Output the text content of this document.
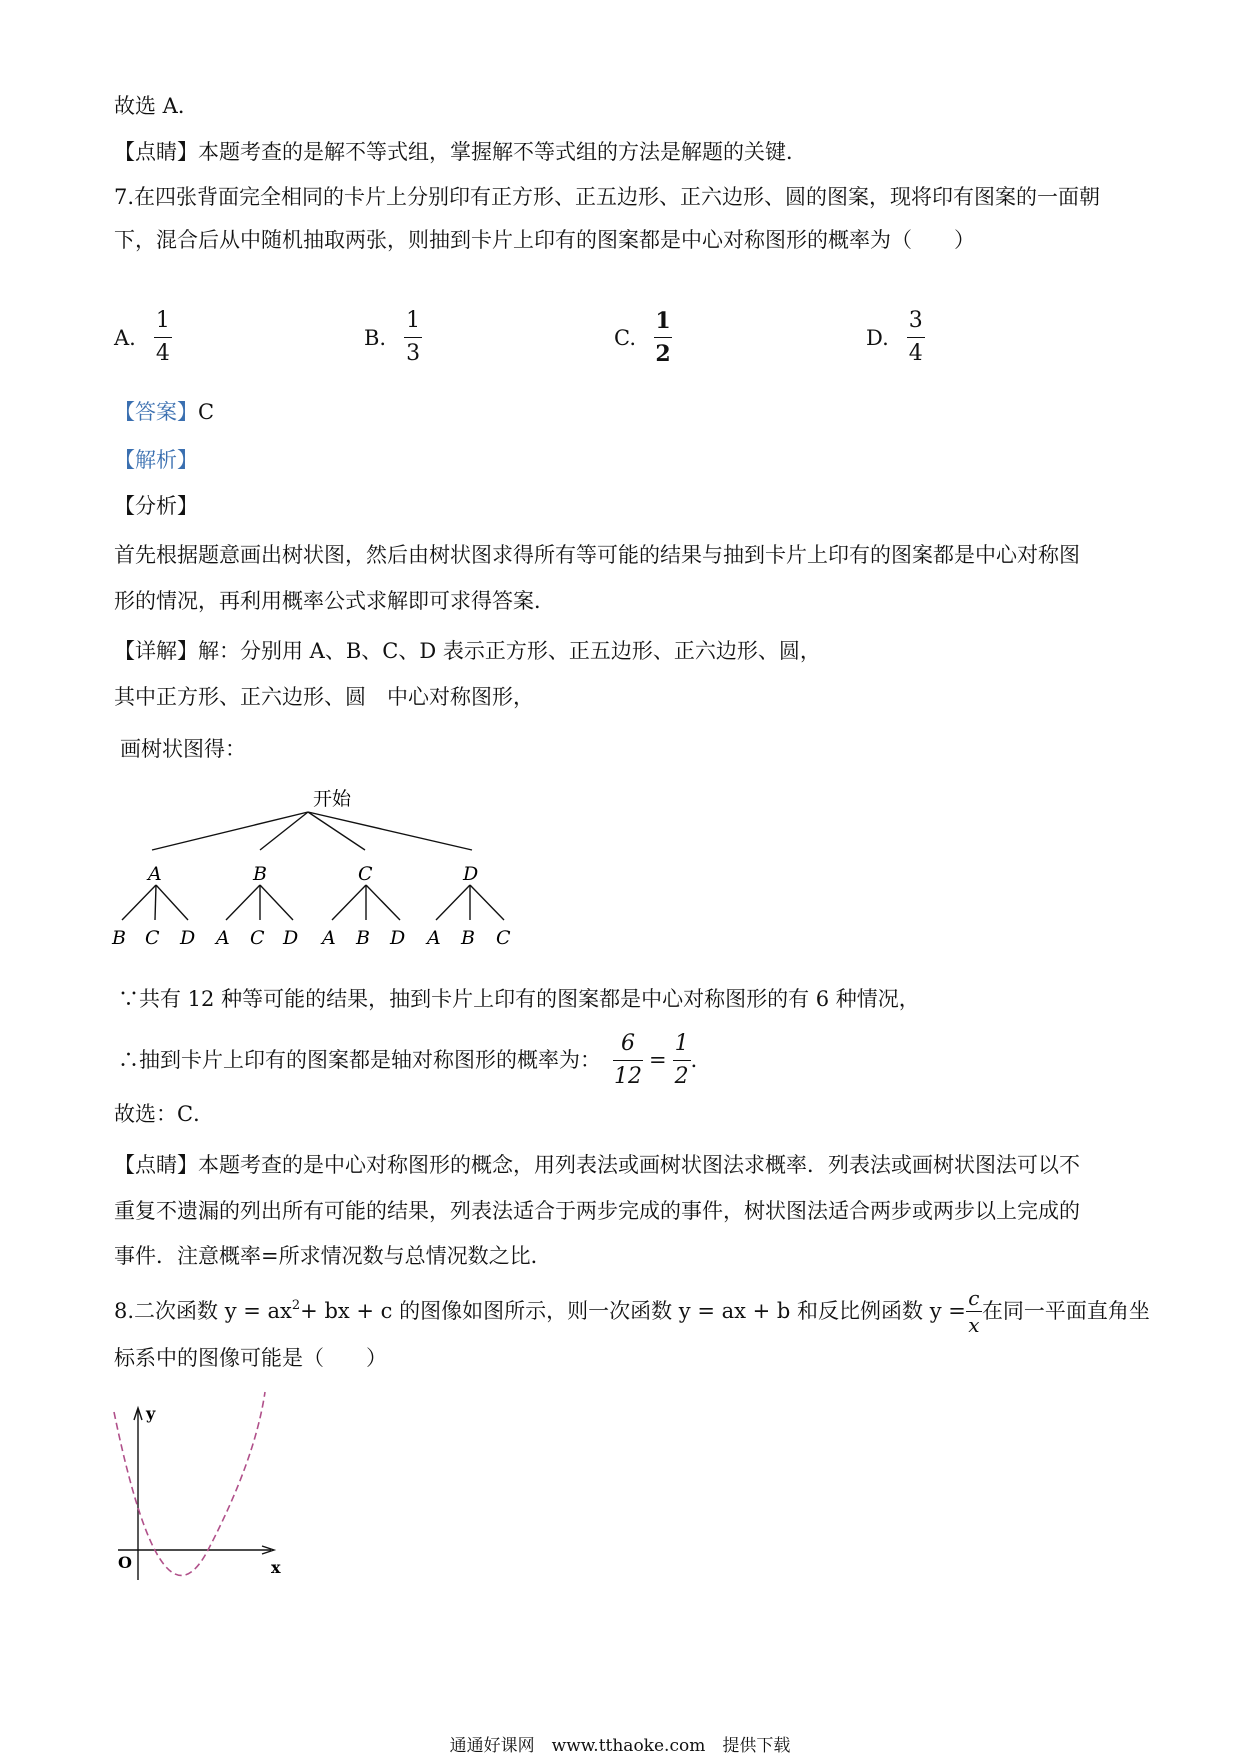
故选 A．
【点睛】本题考查的是解不等式组，掌握解不等式组的方法是解题的关键．
7.在四张背面完全相同的卡片上分别印有正方形、正五边形、正六边形、圆的图案，现将印有图案的一面朝
下，混合后从中随机抽取两张，则抽到卡片上印有的图案都是中心对称图形的概率为（　　）
A. $\frac{1}{4}$	B. $\frac{1}{3}$	C. $\frac{1}{2}$	D. $\frac{3}{4}$
【答案】C
【解析】
【分析】
首先根据题意画出树状图，然后由树状图求得所有等可能的结果与抽到卡片上印有的图案都是中心对称图
形的情况，再利用概率公式求解即可求得答案．
【详解】解：分别用 A、B、C、D 表示正方形、正五边形、正六边形、圆，
其中正方形、正六边形、圆　中心对称图形，
画树状图得：
开始
A	B	C	D
B C D A C D A B D A B C
∵共有 12 种等可能的结果，抽到卡片上印有的图案都是中心对称图形的有 6 种情况，
∴抽到卡片上印有的图案都是轴对称图形的概率为： $\frac{6}{12} = \frac{1}{2}$ ．
故选：C．
【点睛】本题考查的是中心对称图形的概念，用列表法或画树状图法求概率．列表法或画树状图法可以不
重复不遗漏的列出所有可能的结果，列表法适合于两步完成的事件，树状图法适合两步或两步以上完成的
事件．注意概率=所求情况数与总情况数之比．
8.二次函数 $y = ax^2$ + bx + c 的图像如图所示，则一次函数 y = ax + b 和反比例函数 $y = \frac{c}{x}$ 在同一平面直角坐
标系中的图像可能是（　　）
y
x
O
通通好课网　www.tthaoke.com　提供下载
